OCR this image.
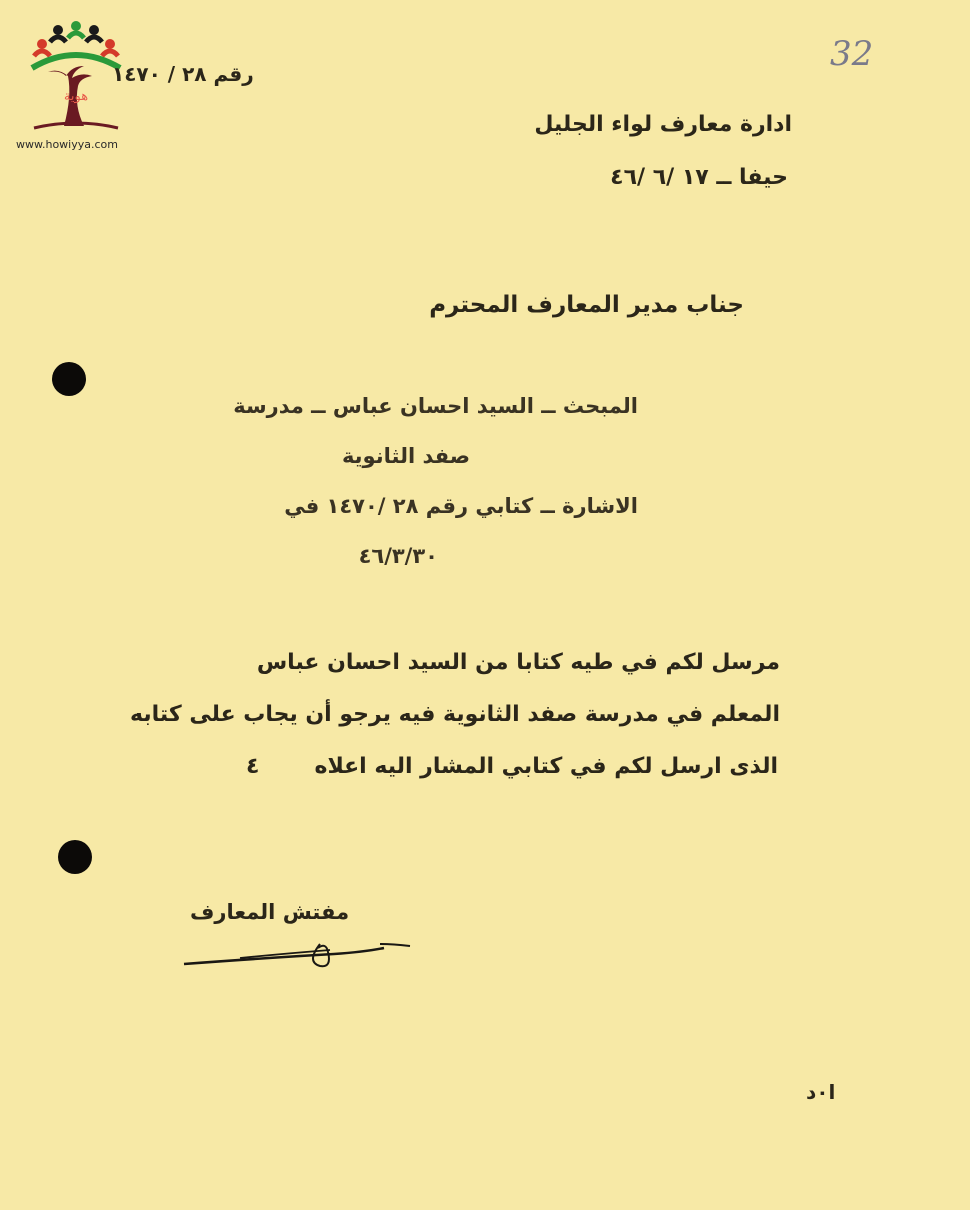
هوية
www.howiyya.com
32
رقم ٢٨ / ١٤٧٠
ادارة معارف لواء الجليل
حيفا ــ ١٧ /٦ /٤٦
جناب مدير المعارف المحترم
المبحث ــ السيد احسان عباس ــ مدرسة
صفد الثانوية
الاشارة ــ كتابي رقم ٢٨ /١٤٧٠ في
٤٦/٣/٣٠
مرسل لكم في طيه كتابا من السيد احسان عباس
المعلم في مدرسة صفد الثانوية فيه يرجو أن يجاب على كتابه
الذى ارسل لكم في كتابي المشار اليه اعلاه
٤
مفتش المعارف
ا٠د
